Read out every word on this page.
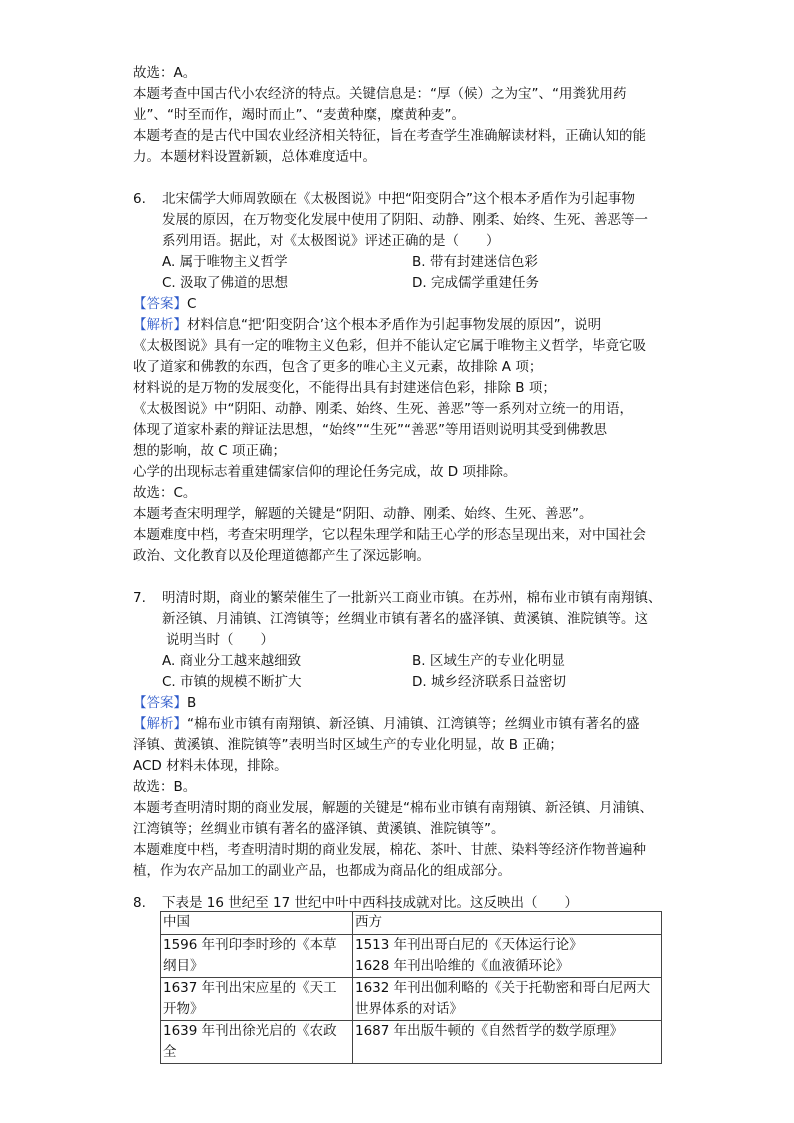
故选：A。
本题考查中国古代小农经济的特点。关键信息是：“厚（候）之为宝”、“用粪犹用药
业”、“时至而作，竭时而止”、“麦黄种糜，糜黄种麦”。
本题考查的是古代中国农业经济相关特征，旨在考查学生准确解读材料，正确认知的能
力。本题材料设置新颖，总体难度适中。
6. 北宋儒学大师周敦颐在《太极图说》中把“阳变阴合”这个根本矛盾作为引起事物
发展的原因，在万物变化发展中使用了阴阳、动静、刚柔、始终、生死、善恶等一
系列用语。据此，对《太极图说》评述正确的是（　　）
A. 属于唯物主义哲学	B. 带有封建迷信色彩
C. 汲取了佛道的思想	D. 完成儒学重建任务
【答案】C
【解析】材料信息“把‘阳变阴合’这个根本矛盾作为引起事物发展的原因”，说明
《太极图说》具有一定的唯物主义色彩，但并不能认定它属于唯物主义哲学，毕竟它吸
收了道家和佛教的东西，包含了更多的唯心主义元素，故排除 A 项；
材料说的是万物的发展变化，不能得出具有封建迷信色彩，排除 B 项；
《太极图说》中“阴阳、动静、刚柔、始终、生死、善恶”等一系列对立统一的用语，
体现了道家朴素的辩证法思想，“始终”“生死”“善恶”等用语则说明其受到佛教思
想的影响，故 C 项正确；
心学的出现标志着重建儒家信仰的理论任务完成，故 D 项排除。
故选：C。
本题考查宋明理学，解题的关键是“阴阳、动静、刚柔、始终、生死、善恶”。
本题难度中档，考查宋明理学，它以程朱理学和陆王心学的形态呈现出来，对中国社会
政治、文化教育以及伦理道德都产生了深远影响。
7. 明清时期，商业的繁荣催生了一批新兴工商业市镇。在苏州，棉布业市镇有南翔镇、
新泾镇、月浦镇、江湾镇等；丝绸业市镇有著名的盛泽镇、黄溪镇、淮院镇等。这
说明当时（　　）
A. 商业分工越来越细致	B. 区域生产的专业化明显
C. 市镇的规模不断扩大	D. 城乡经济联系日益密切
【答案】B
【解析】“棉布业市镇有南翔镇、新泾镇、月浦镇、江湾镇等；丝绸业市镇有著名的盛
泽镇、黄溪镇、淮院镇等”表明当时区域生产的专业化明显，故 B 正确；
ACD 材料未体现，排除。
故选：B。
本题考查明清时期的商业发展，解题的关键是“棉布业市镇有南翔镇、新泾镇、月浦镇、
江湾镇等；丝绸业市镇有著名的盛泽镇、黄溪镇、淮院镇等”。
本题难度中档，考查明清时期的商业发展，棉花、茶叶、甘蔗、染料等经济作物普遍种
植，作为农产品加工的副业产品，也都成为商品化的组成部分。
8. 下表是 16 世纪至 17 世纪中叶中西科技成就对比。这反映出（　　）
中国	西方
1596 年刊印李时珍的《本草纲目》	1513 年刊出哥白尼的《天体运行论》
1628 年刊出哈维的《血液循环论》

1637 年刊出宋应星的《天工开物》	1632 年刊出伽利略的《关于托勒密和哥白尼两大世界体系的对话》
1639 年刊出徐光启的《农政全	1687 年出版牛顿的《自然哲学的数学原理》
